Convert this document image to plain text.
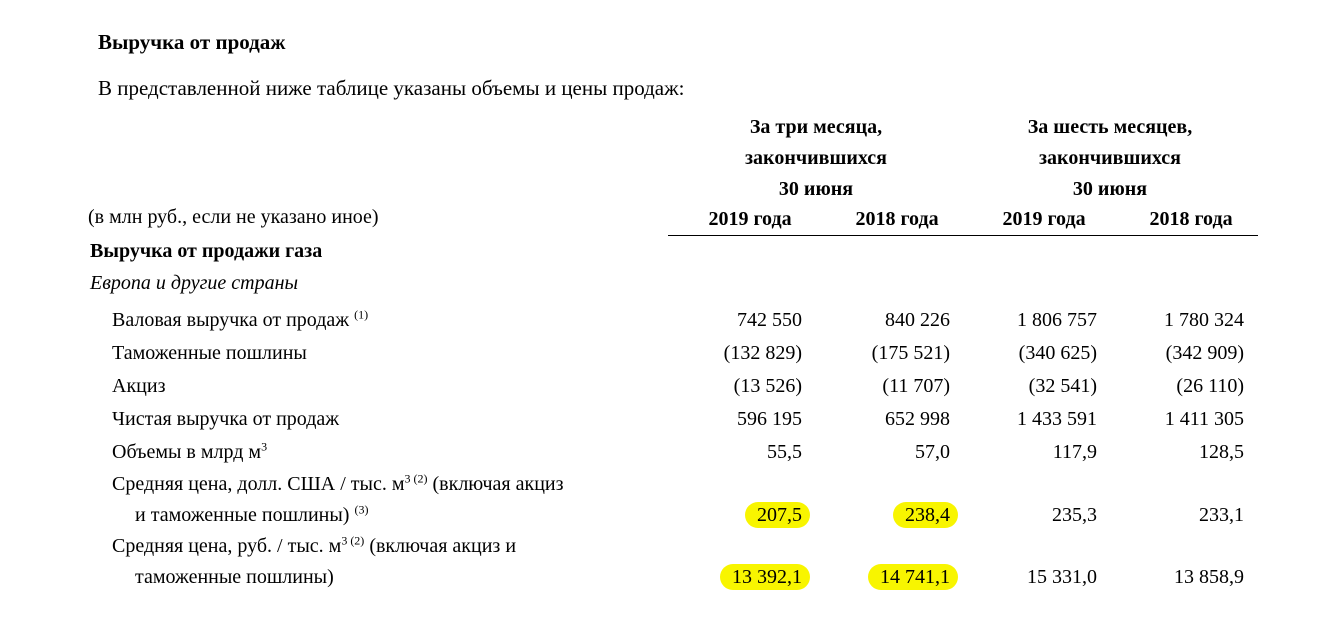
Выручка от продаж
В представленной ниже таблице указаны объемы и цены продаж:
За три месяца,
закончившихся
30 июня
За шесть месяцев,
закончившихся
30 июня
(в млн руб., если не указано иное)	2019 года	2018 года	2019 года	2018 года
Выручка от продажи газа
Европа и другие страны
Валовая выручка от продаж $^{(1)}$	742 550	840 226	1 806 757	1 780 324
Таможенные пошлины	(132 829)	(175 521)	(340 625)	(342 909)
Акциз	(13 526)	(11 707)	(32 541)	(26 110)
Чистая выручка от продаж	596 195	652 998	1 433 591	1 411 305
Объемы в млрд $м^3$	55,5	57,0	117,9	128,5
Средняя цена, долл. США / тыс. $м^{3 (2)}$ (включая акциз
и таможенные пошлины) $^{(3)}$	207,5	238,4	235,3	233,1
Средняя цена, руб. / тыс. $м^{3 (2)}$ (включая акциз и
таможенные пошлины)	13 392,1	14 741,1	15 331,0	13 858,9
